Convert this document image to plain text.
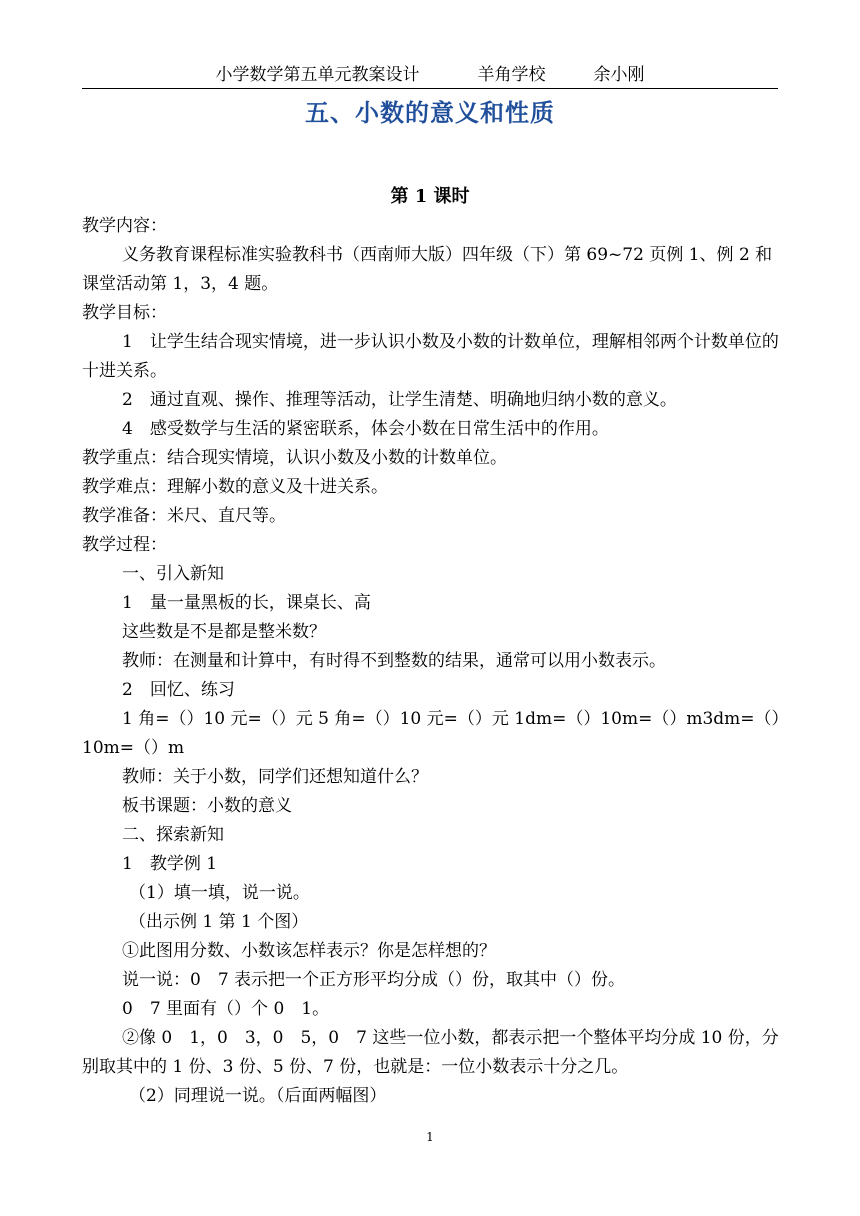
小学数学第五单元教案设计	羊角学校	余小刚
五、小数的意义和性质
第 1 课时

教学内容：

义务教育课程标准实验教科书（西南师大版）四年级（下）第 69~72 页例 1、例 2 和课堂活动第 1，3，4 题。

教学目标：

1　让学生结合现实情境，进一步认识小数及小数的计数单位，理解相邻两个计数单位的十进关系。

2　通过直观、操作、推理等活动，让学生清楚、明确地归纳小数的意义。

4　感受数学与生活的紧密联系，体会小数在日常生活中的作用。

教学重点：结合现实情境，认识小数及小数的计数单位。

教学难点：理解小数的意义及十进关系。

教学准备：米尺、直尺等。

教学过程：

一、引入新知

1　量一量黑板的长，课桌长、高

这些数是不是都是整米数？

教师：在测量和计算中，有时得不到整数的结果，通常可以用小数表示。

2　回忆、练习

1 角=（）10 元=（）元 5 角=（）10 元=（）元 1dm=（）10m=（）m3dm=（）10m=（）m

教师：关于小数，同学们还想知道什么？

板书课题：小数的意义

二、探索新知

1　教学例 1

（1）填一填，说一说。

（出示例 1 第 1 个图）

①此图用分数、小数该怎样表示？你是怎样想的？

说一说：0　7 表示把一个正方形平均分成（）份，取其中（）份。

0　7 里面有（）个 0　1。

②像 0　1，0　3，0　5，0　7 这些一位小数，都表示把一个整体平均分成 10 份，分别取其中的 1 份、3 份、5 份、7 份，也就是：一位小数表示十分之几。

（2）同理说一说。（后面两幅图）

1
